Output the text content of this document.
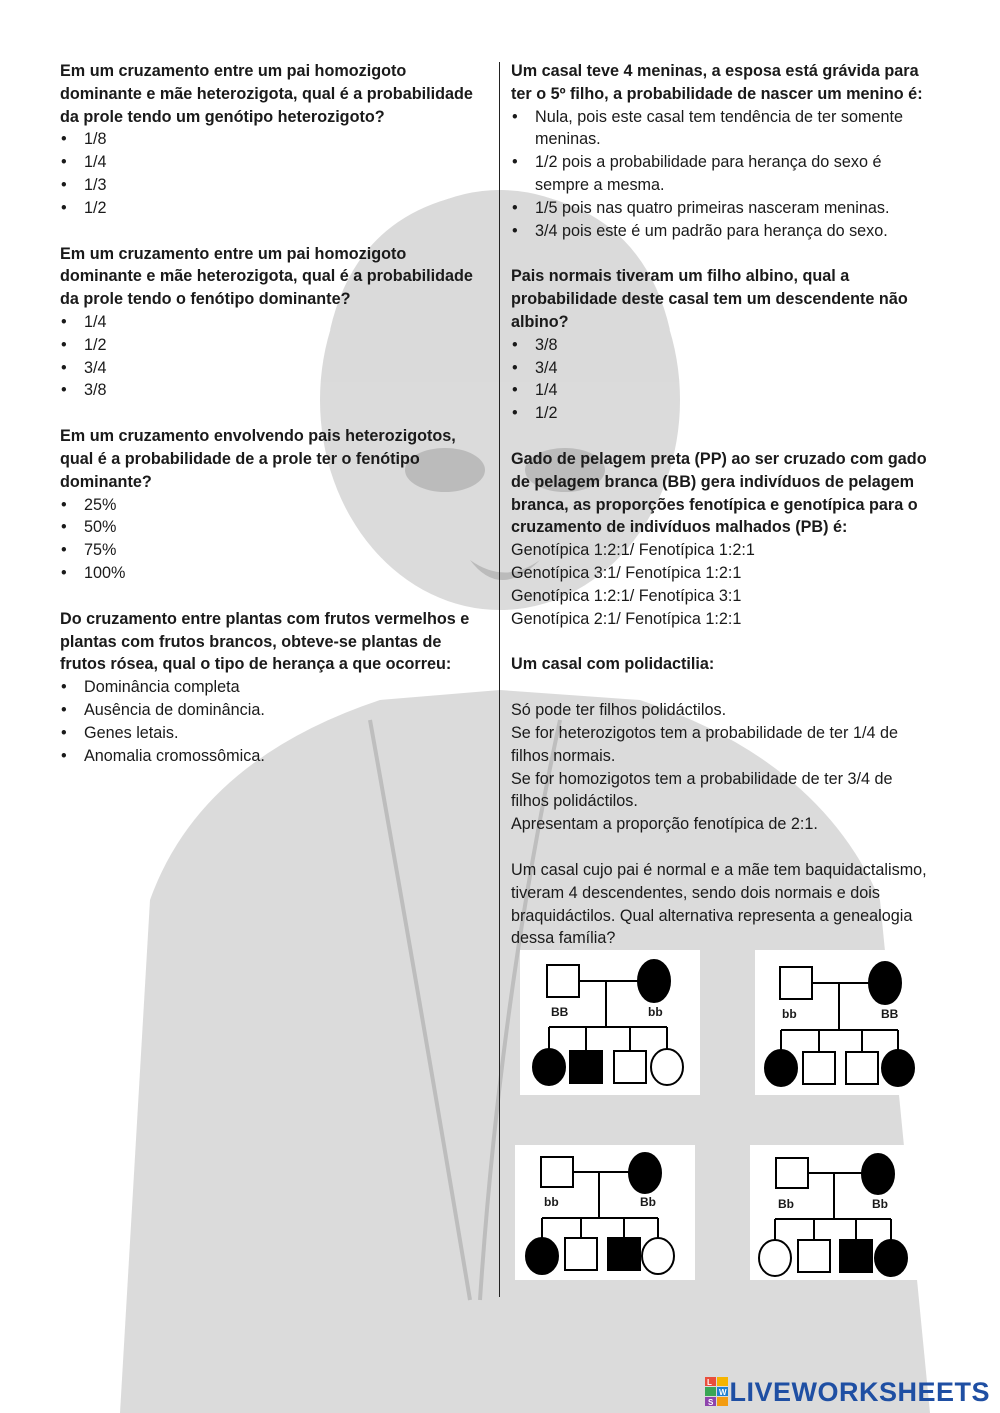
Em um cruzamento entre um pai homozigoto dominante e mãe heterozigota, qual é a probabilidade da prole tendo um genótipo heterozigoto?

• 1/8
• 1/4
• 1/3
• 1/2

Em um cruzamento entre um pai homozigoto dominante e mãe heterozigota, qual é a probabilidade da prole tendo o fenótipo dominante?

• 1/4
• 1/2
• 3/4
• 3/8

Em um cruzamento envolvendo pais heterozigotos, qual é a probabilidade de a prole ter o fenótipo dominante?

• 25%
• 50%
• 75%
• 100%

Do cruzamento entre plantas com frutos vermelhos e plantas com frutos brancos, obteve-se plantas de frutos rósea, qual o tipo de herança a que ocorreu:

• Dominância completa
• Ausência de dominância.
• Genes letais.
• Anomalia cromossômica.

Um casal teve 4 meninas, a esposa está grávida para ter o 5º filho, a probabilidade de nascer um menino é:

• Nula, pois este casal tem tendência de ter somente meninas.
• 1/2 pois a probabilidade para herança do sexo é sempre a mesma.
• 1/5 pois nas quatro primeiras nasceram meninas.
• 3/4 pois este é um padrão para herança do sexo.

Pais normais tiveram um filho albino, qual a probabilidade deste casal tem um descendente não albino?

• 3/8
• 3/4
• 1/4
• 1/2

Gado de pelagem preta (PP) ao ser cruzado com gado de pelagem branca (BB) gera indivíduos de pelagem branca, as proporções fenotípica e genotípica para o cruzamento de indivíduos malhados (PB) é:

Genotípica 1:2:1/ Fenotípica 1:2:1

Genotípica 3:1/ Fenotípica 1:2:1

Genotípica 1:2:1/ Fenotípica 3:1

Genotípica 2:1/ Fenotípica 1:2:1

Um casal com polidactilia:

Só pode ter filhos polidáctilos.

Se for heterozigotos tem a probabilidade de ter 1/4 de filhos normais.

Se for homozigotos tem a probabilidade de ter 3/4 de filhos polidáctilos.

Apresentam a proporção fenotípica de 2:1.

Um casal cujo pai é normal e a mãe tem baquidactalismo, tiveram 4 descendentes, sendo dois normais e dois braquidáctilos. Qual alternativa representa a genealogia dessa família?

BB	bb	bb	BB
bb	Bb	Bb	Bb
L
W
S LIVEWORKSHEETS
